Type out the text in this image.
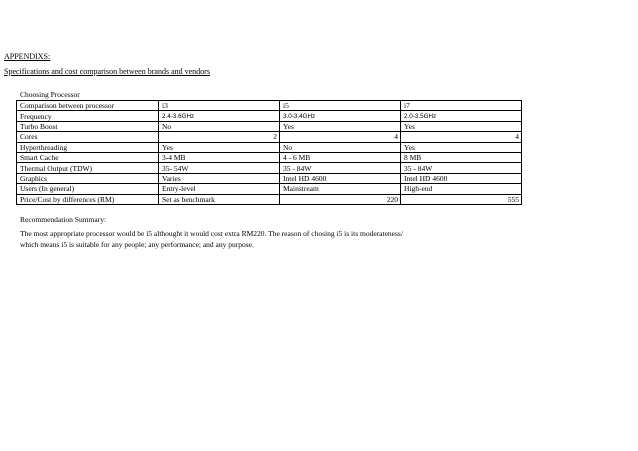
APPENDIXS:
Specifications and cost comparison between brands and vendors
Choosing Processor
Comparison between processor	i3	i5	i7
Frequency	2.4-3.6GHz	3.0-3.4GHz	2.0-3.5GHz
Turbo Boost	No	Yes	Yes
Cores	2	4	4
Hyperthreading	Yes	No	Yes
Smart Cache	3-4 MB	4 - 6 MB	8 MB
Thermal Output (TDW)	35- 54W	35 - 84W	35 - 84W
Graphics	Varies	Intel HD 4600	Intel HD 4600
Users (In general)	Entry-level	Mainstream	High-end
Price/Cost by differences (RM)	Set as benchmark	220	555
Recommendation Summary:
The most appropriate processor would be i5 althought it would cost extra RM220. The reason of chosing i5 is its moderateness/
which means i5 is suitable for any people; any performance; and any purpose.
